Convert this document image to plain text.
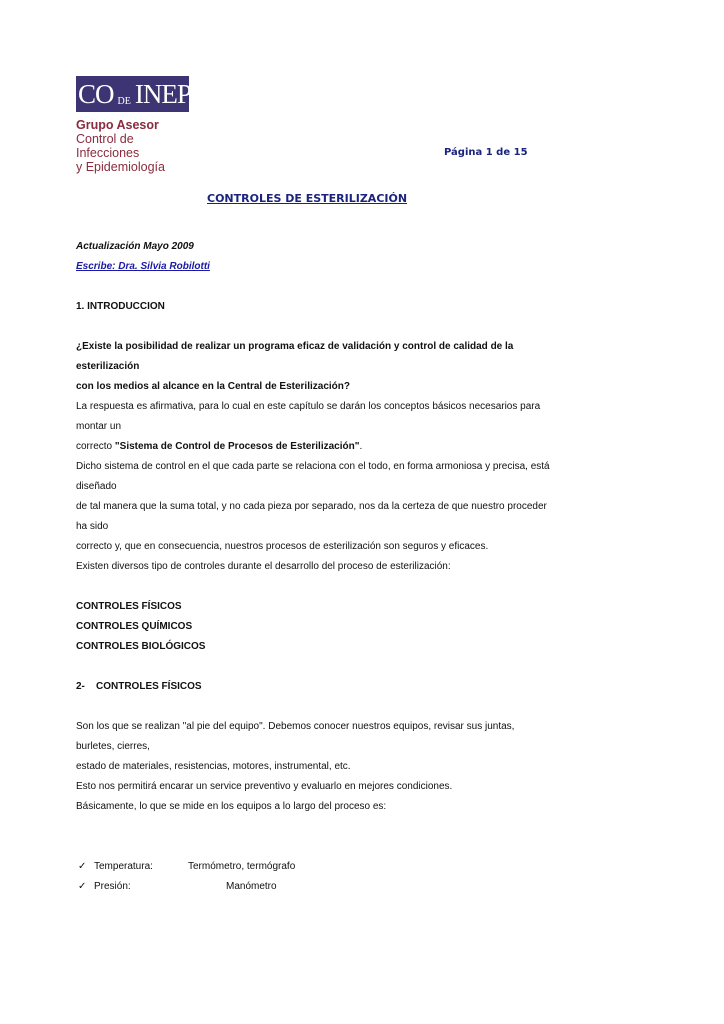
CO DE INEP
Grupo Asesor
Control de Infecciones
y Epidemiología
Página 1 de 15
CONTROLES DE ESTERILIZACIÓN

Actualización Mayo 2009

Escribe: Dra. Silvia Robilotti

1. INTRODUCCION

¿Existe la posibilidad de realizar un programa eficaz de validación y control de calidad de la esterilización

con los medios al alcance en la Central de Esterilización?

La respuesta es afirmativa, para lo cual en este capítulo se darán los conceptos básicos necesarios para montar un

correcto "Sistema de Control de Procesos de Esterilización".

Dicho sistema de control en el que cada parte se relaciona con el todo, en forma armoniosa y precisa, está diseñado

de tal manera que la suma total, y no cada pieza por separado, nos da la certeza de que nuestro proceder ha sido

correcto y, que en consecuencia, nuestros procesos de esterilización son seguros y eficaces.

Existen diversos tipo de controles durante el desarrollo del proceso de esterilización:

CONTROLES FÍSICOS

CONTROLES QUÍMICOS

CONTROLES BIOLÓGICOS

2- CONTROLES FÍSICOS

Son los que se realizan "al pie del equipo". Debemos conocer nuestros equipos, revisar sus juntas, burletes, cierres,

estado de materiales, resistencias, motores, instrumental, etc.

Esto nos permitirá encarar un service preventivo y evaluarlo en mejores condiciones.

Básicamente, lo que se mide en los equipos a lo largo del proceso es:

✓ Temperatura:	Termómetro, termógrafo
✓ Presión:	Manómetro
